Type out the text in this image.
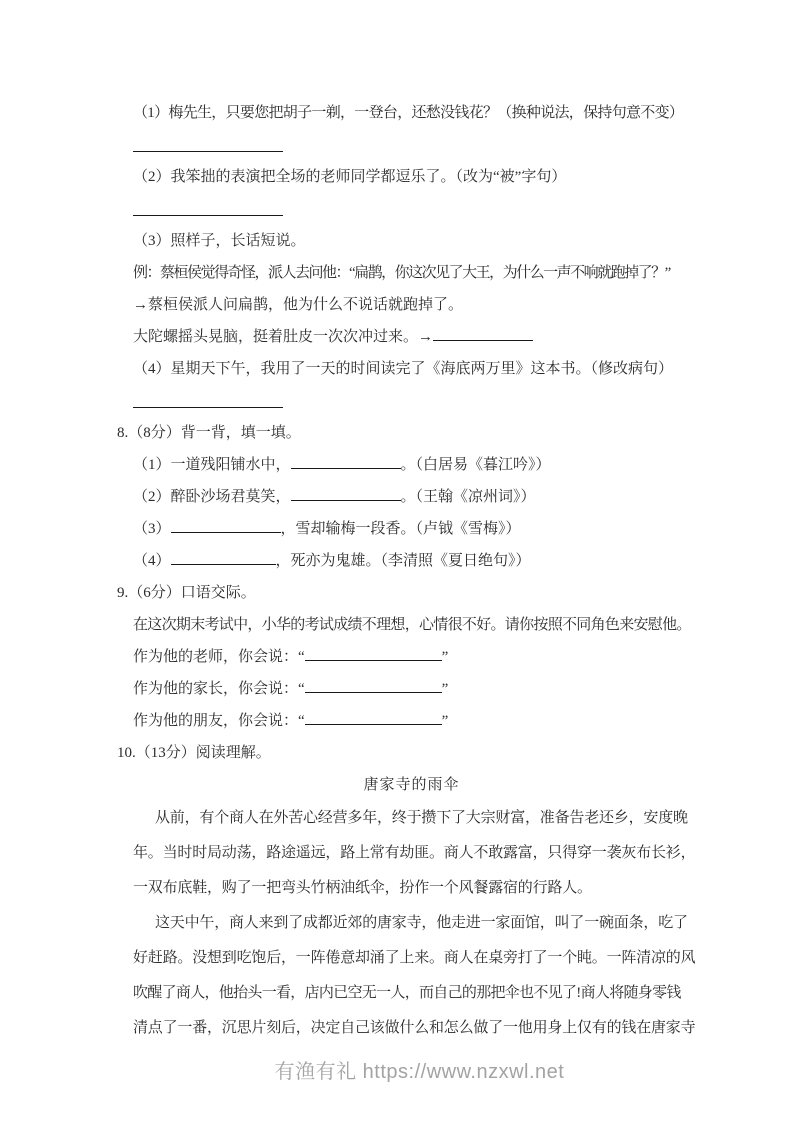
（1）梅先生，只要您把胡子一剃，一登台，还愁没钱花？（换种说法，保持句意不变）
（2）我笨拙的表演把全场的老师同学都逗乐了。（改为“被”字句）
（3）照样子，长话短说。
例：蔡桓侯觉得奇怪，派人去问他：“扁鹊，你这次见了大王，为什么一声不响就跑掉了？”
→蔡桓侯派人问扁鹊，他为什么不说话就跑掉了。
大陀螺摇头晃脑，挺着肚皮一次次冲过来。→
（4）星期天下午，我用了一天的时间读完了《海底两万里》这本书。（修改病句）
8.（8分）背一背，填一填。
（1）一道残阳铺水中，	。（白居易《暮江吟》）
（2）醉卧沙场君莫笑，	。（王翰《凉州词》）
（3）	，雪却输梅一段香。（卢钺《雪梅》）
（4）	，死亦为鬼雄。（李清照《夏日绝句》）
9.（6分）口语交际。
在这次期末考试中，小华的考试成绩不理想，心情很不好。请你按照不同角色来安慰他。
作为他的老师，你会说：“	”
作为他的家长，你会说：“	”
作为他的朋友，你会说：“	”
10.（13分）阅读理解。
唐家寺的雨伞
从前，有个商人在外苦心经营多年，终于攒下了大宗财富，准备告老还乡，安度晚
年。当时时局动荡，路途遥远，路上常有劫匪。商人不敢露富，只得穿一袭灰布长衫，
一双布底鞋，购了一把弯头竹柄油纸伞，扮作一个风餐露宿的行路人。
这天中午，商人来到了成都近郊的唐家寺，他走进一家面馆，叫了一碗面条，吃了
好赶路。没想到吃饱后，一阵倦意却涌了上来。商人在桌旁打了一个盹。一阵清凉的风
吹醒了商人，他抬头一看，店内已空无一人，而自己的那把伞也不见了!商人将随身零钱
清点了一番，沉思片刻后，决定自己该做什么和怎么做了一他用身上仅有的钱在唐家寺
有渔有礼 https://www.nzxwl.net
